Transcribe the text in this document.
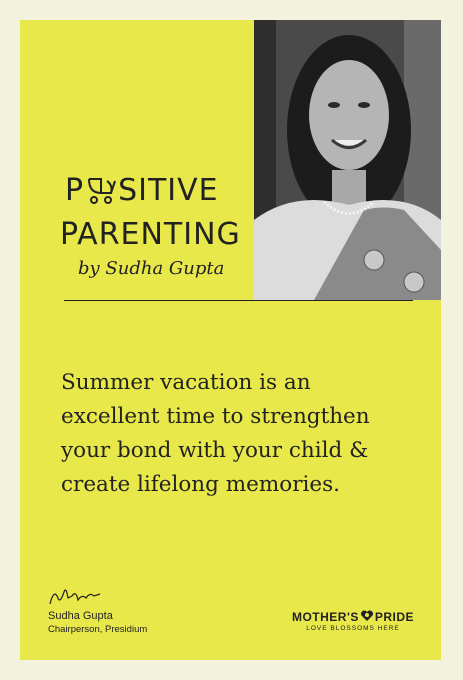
P SITIVE
PARENTING
by Sudha Gupta
Summer vacation is an
excellent time to strengthen
your bond with your child &
create lifelong memories.
Sudha Gupta
Chairperson, Presidium
MOTHER'S PRIDE
LOVE BLOSSOMS HERE
